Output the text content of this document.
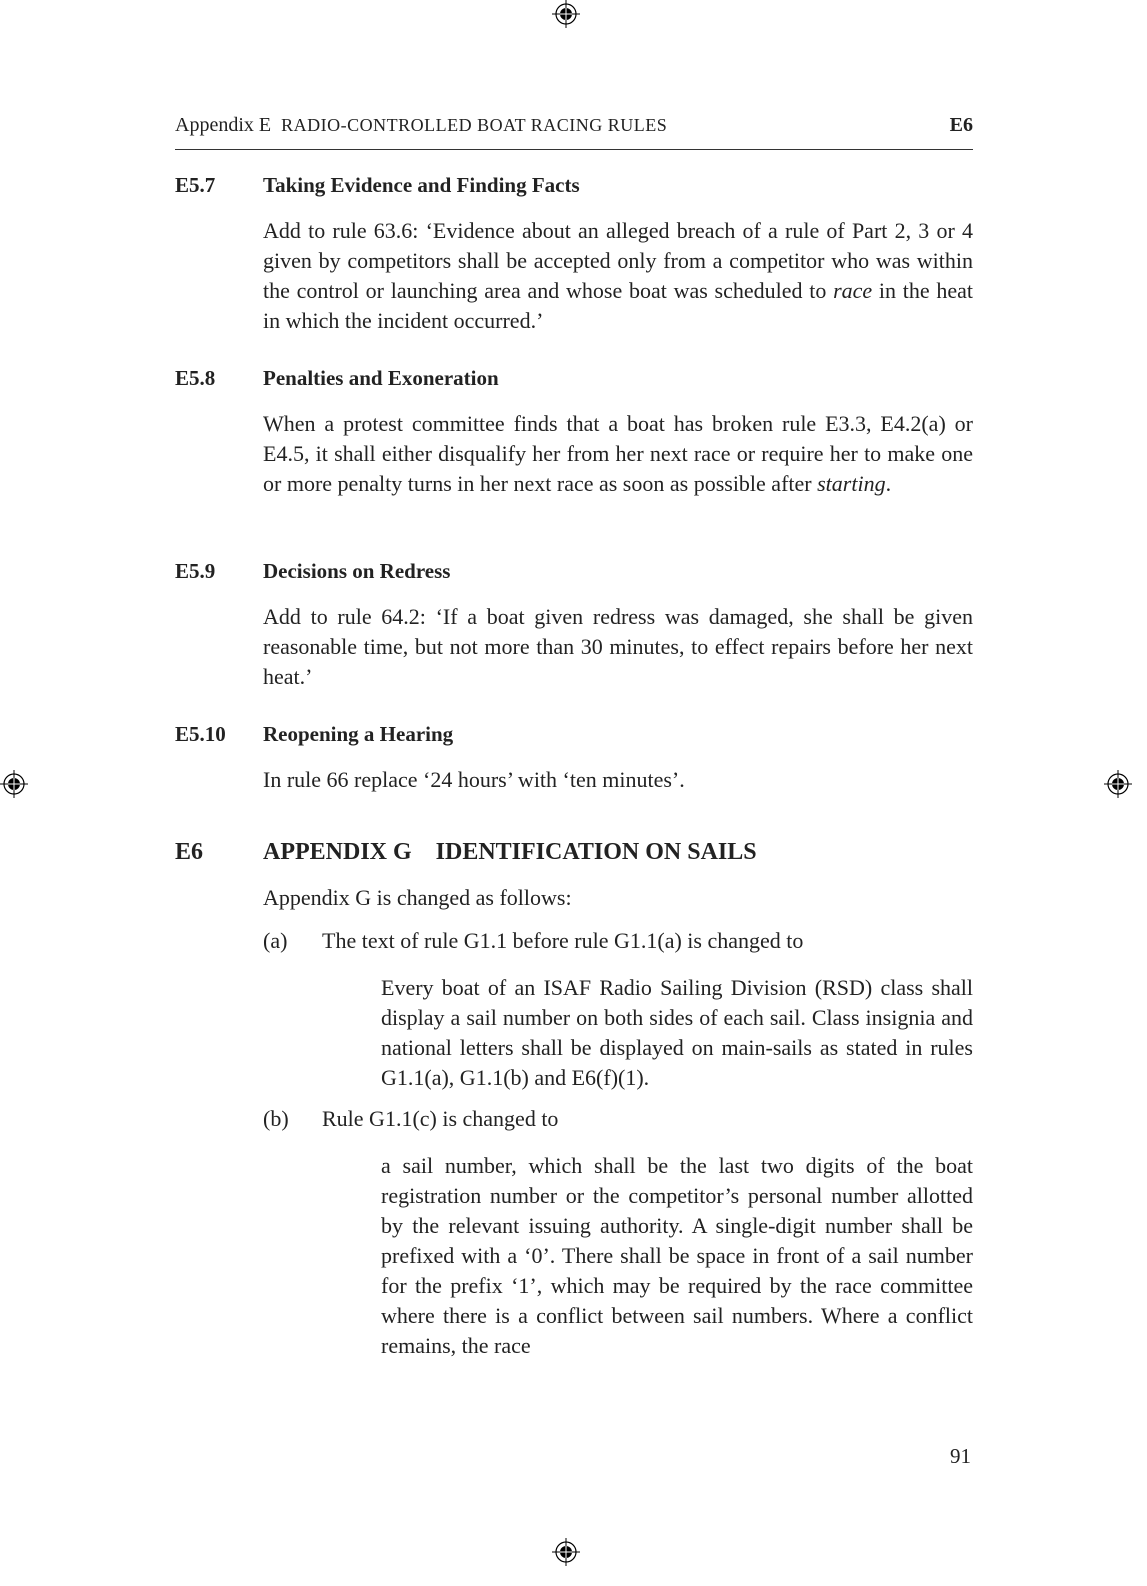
Appendix E RADIO-CONTROLLED BOAT RACING RULES	E6
E5.7 Taking Evidence and Finding Facts
Add to rule 63.6: ‘Evidence about an alleged breach of a rule of Part 2, 3 or 4 given by competitors shall be accepted only from a competitor who was within the control or launching area and whose boat was scheduled to race in the heat in which the incident occurred.’
E5.8 Penalties and Exoneration
When a protest committee finds that a boat has broken rule E3.3, E4.2(a) or E4.5, it shall either disqualify her from her next race or require her to make one or more penalty turns in her next race as soon as possible after starting.
E5.9 Decisions on Redress
Add to rule 64.2: ‘If a boat given redress was damaged, she shall be given reasonable time, but not more than 30 minutes, to effect repairs before her next heat.’
E5.10 Reopening a Hearing
In rule 66 replace ‘24 hours’ with ‘ten minutes’.
E6 APPENDIX G    IDENTIFICATION ON SAILS
Appendix G is changed as follows:
(a) The text of rule G1.1 before rule G1.1(a) is changed to
Every boat of an ISAF Radio Sailing Division (RSD) class shall display a sail number on both sides of each sail. Class insignia and national letters shall be displayed on main-sails as stated in rules G1.1(a), G1.1(b) and E6(f)(1).
(b) Rule G1.1(c) is changed to
a sail number, which shall be the last two digits of the boat registration number or the competitor’s personal number allotted by the relevant issuing authority. A single-digit number shall be prefixed with a ‘0’. There shall be space in front of a sail number for the prefix ‘1’, which may be required by the race committee where there is a conflict between sail numbers. Where a conflict remains, the race
91
